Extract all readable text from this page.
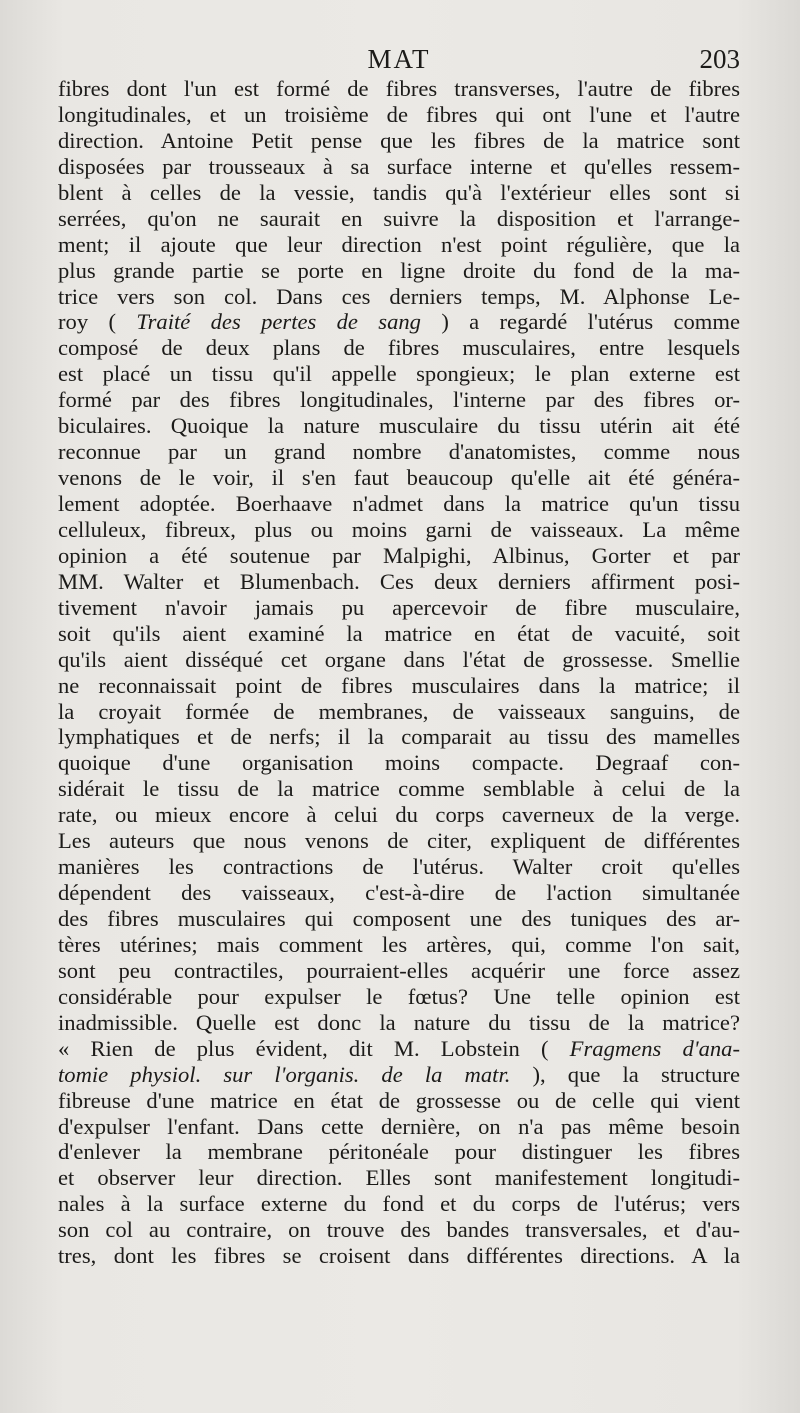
MAT	203
fibres dont l'un est formé de fibres transverses, l'autre de fibres
longitudinales, et un troisième de fibres qui ont l'une et l'autre
direction. Antoine Petit pense que les fibres de la matrice sont
disposées par trousseaux à sa surface interne et qu'elles ressem-
blent à celles de la vessie, tandis qu'à l'extérieur elles sont si
serrées, qu'on ne saurait en suivre la disposition et l'arrange-
ment; il ajoute que leur direction n'est point régulière, que la
plus grande partie se porte en ligne droite du fond de la ma-
trice vers son col. Dans ces derniers temps, M. Alphonse Le-
roy ( Traité des pertes de sang ) a regardé l'utérus comme
composé de deux plans de fibres musculaires, entre lesquels
est placé un tissu qu'il appelle spongieux; le plan externe est
formé par des fibres longitudinales, l'interne par des fibres or-
biculaires. Quoique la nature musculaire du tissu utérin ait été
reconnue par un grand nombre d'anatomistes, comme nous
venons de le voir, il s'en faut beaucoup qu'elle ait été généra-
lement adoptée. Boerhaave n'admet dans la matrice qu'un tissu
celluleux, fibreux, plus ou moins garni de vaisseaux. La même
opinion a été soutenue par Malpighi, Albinus, Gorter et par
MM. Walter et Blumenbach. Ces deux derniers affirment posi-
tivement n'avoir jamais pu apercevoir de fibre musculaire,
soit qu'ils aient examiné la matrice en état de vacuité, soit
qu'ils aient disséqué cet organe dans l'état de grossesse. Smellie
ne reconnaissait point de fibres musculaires dans la matrice; il
la croyait formée de membranes, de vaisseaux sanguins, de
lymphatiques et de nerfs; il la comparait au tissu des mamelles
quoique d'une organisation moins compacte. Degraaf con-
sidérait le tissu de la matrice comme semblable à celui de la
rate, ou mieux encore à celui du corps caverneux de la verge.
Les auteurs que nous venons de citer, expliquent de différentes
manières les contractions de l'utérus. Walter croit qu'elles
dépendent des vaisseaux, c'est-à-dire de l'action simultanée
des fibres musculaires qui composent une des tuniques des ar-
tères utérines; mais comment les artères, qui, comme l'on sait,
sont peu contractiles, pourraient-elles acquérir une force assez
considérable pour expulser le fœtus? Une telle opinion est
inadmissible. Quelle est donc la nature du tissu de la matrice?
« Rien de plus évident, dit M. Lobstein ( Fragmens d'ana-
tomie physiol. sur l'organis. de la matr. ), que la structure
fibreuse d'une matrice en état de grossesse ou de celle qui vient
d'expulser l'enfant. Dans cette dernière, on n'a pas même besoin
d'enlever la membrane péritonéale pour distinguer les fibres
et observer leur direction. Elles sont manifestement longitudi-
nales à la surface externe du fond et du corps de l'utérus; vers
son col au contraire, on trouve des bandes transversales, et d'au-
tres, dont les fibres se croisent dans différentes directions. A la
